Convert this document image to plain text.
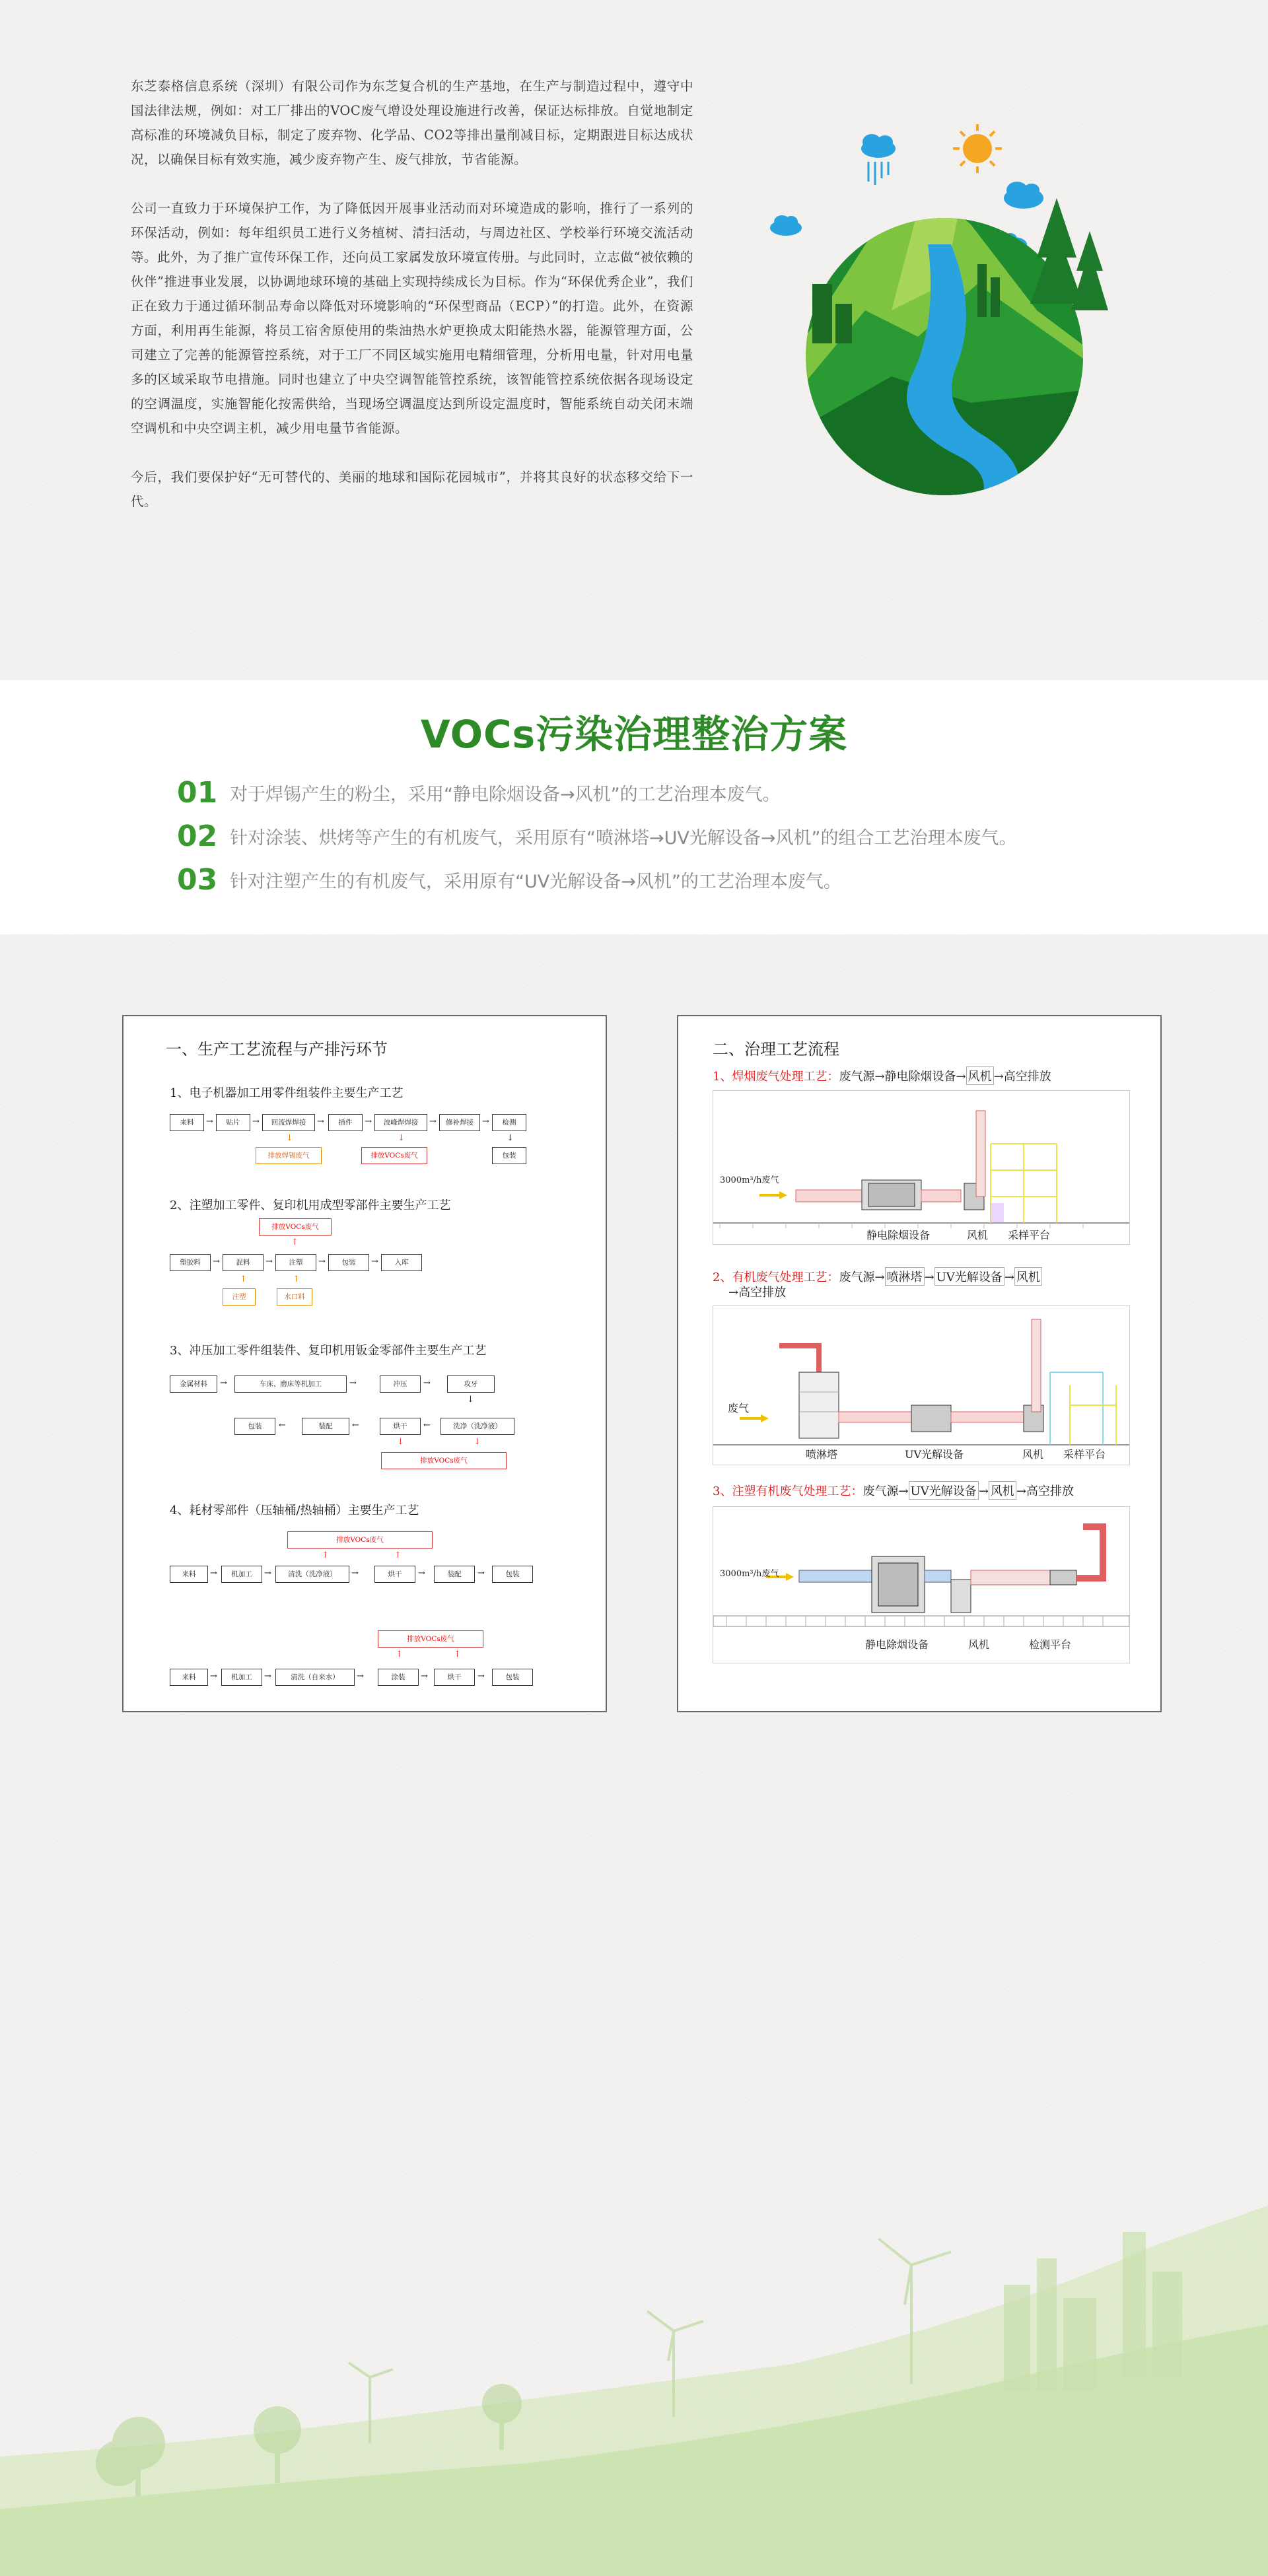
东芝泰格信息系统（深圳）有限公司作为东芝复合机的生产基地，在生产与制造过程中，遵守中国法律法规，例如：对工厂排出的VOC废气增设处理设施进行改善，保证达标排放。自觉地制定高标准的环境减负目标，制定了废弃物、化学品、CO2等排出量削减目标，定期跟进目标达成状况，以确保目标有效实施，减少废弃物产生、废气排放，节省能源。

公司一直致力于环境保护工作，为了降低因开展事业活动而对环境造成的影响，推行了一系列的环保活动，例如：每年组织员工进行义务植树、清扫活动，与周边社区、学校举行环境交流活动等。此外，为了推广宣传环保工作，还向员工家属发放环境宣传册。与此同时，立志做“被依赖的伙伴”推进事业发展，以协调地球环境的基础上实现持续成长为目标。作为“环保优秀企业”，我们正在致力于通过循环制品寿命以降低对环境影响的“环保型商品（ECP）”的打造。此外，在资源方面，利用再生能源，将员工宿舍原使用的柴油热水炉更换成太阳能热水器，能源管理方面，公司建立了完善的能源管控系统，对于工厂不同区域实施用电精细管理，分析用电量，针对用电量多的区域采取节电措施。同时也建立了中央空调智能管控系统，该智能管控系统依据各现场设定的空调温度，实施智能化按需供给，当现场空调温度达到所设定温度时，智能系统自动关闭末端空调机和中央空调主机，减少用电量节省能源。

今后，我们要保护好“无可替代的、美丽的地球和国际花园城市”，并将其良好的状态移交给下一代。

VOCs污染治理整治方案
01 对于焊锡产生的粉尘，采用“静电除烟设备→风机”的工艺治理本废气。
02 针对涂装、烘烤等产生的有机废气，采用原有“喷淋塔→UV光解设备→风机”的组合工艺治理本废气。
03 针对注塑产生的有机废气，采用原有“UV光解设备→风机”的工艺治理本废气。
一、生产工艺流程与产排污环节
1、电子机器加工用零件组装件主要生产工艺
来料	→	贴片	→	回流焊焊接	→	插件	→	波峰焊焊接	→	修补焊接	→	检测
↓	↓	↓
排放焊锡废气	排放VOCs废气	包装
2、注塑加工零件、复印机用成型零部件主要生产工艺
排放VOCs废气
↑
塑胶料	→	混料	→	注塑	→	包装	→	入库
↑	↑
注塑	水口料
3、冲压加工零件组装件、复印机用钣金零部件主要生产工艺
金属材料	→	车床、磨床等机加工	→	冲压	→	攻牙
↓
包装	←	装配	←	烘干	←	洗净（洗净液）
↓	↓
排放VOCs废气
4、耗材零部件（压轴桶/热轴桶）主要生产工艺
排放VOCs废气
↑	↑
来料	→	机加工	→	清洗（洗净液）	→	烘干	→	装配	→	包装
排放VOCs废气
↑	↑
来料	→	机加工	→	清洗（自来水）	→	涂装	→	烘干	→	包装
二、治理工艺流程
1、焊烟废气处理工艺：废气源→静电除烟设备→ 风机 →高空排放
3000m³/h废气
静电除烟设备	风机 采样平台
2、有机废气处理工艺：废气源→ 喷淋塔 → UV光解设备 → 风机
→高空排放
废气
喷淋塔	UV光解设备	风机 采样平台
3、注塑有机废气处理工艺：废气源→ UV光解设备 → 风机 →高空排放
3000m³/h废气
静电除烟设备	风机	检测平台
